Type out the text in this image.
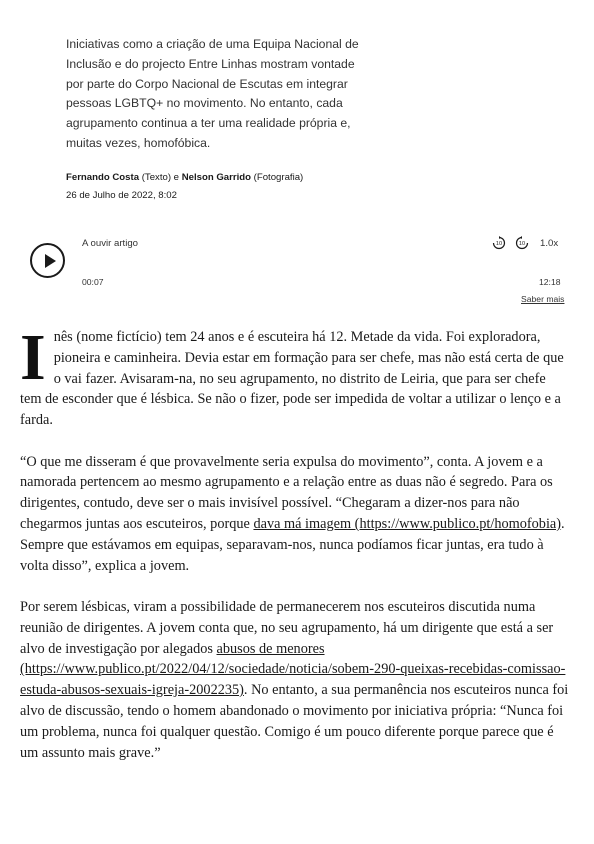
Iniciativas como a criação de uma Equipa Nacional de
Inclusão e do projecto Entre Linhas mostram vontade
por parte do Corpo Nacional de Escutas em integrar
pessoas LGBTQ+ no movimento. No entanto, cada
agrupamento continua a ter uma realidade própria e,
muitas vezes, homofóbica.
Fernando Costa (Texto) e Nelson Garrido (Fotografia)
26 de Julho de 2022, 8:02
A ouvir artigo	10	10 1.0x
00:07	12:18
Saber mais

Inês (nome fictício) tem 24 anos e é escuteira há 12. Metade da vida. Foi exploradora, pioneira e caminheira. Devia estar em formação para ser chefe, mas não está certa de que o vai fazer. Avisaram-na, no seu agrupamento, no distrito de Leiria, que para ser chefe tem de esconder que é lésbica. Se não o fizer, pode ser impedida de voltar a utilizar o lenço e a farda.

“O que me disseram é que provavelmente seria expulsa do movimento”, conta. A jovem e a namorada pertencem ao mesmo agrupamento e a relação entre as duas não é segredo. Para os dirigentes, contudo, deve ser o mais invisível possível. “Chegaram a dizer-nos para não chegarmos juntas aos escuteiros, porque dava má imagem (https://www.publico.pt/homofobia). Sempre que estávamos em equipas, separavam-nos, nunca podíamos ficar juntas, era tudo à volta disso”, explica a jovem.

Por serem lésbicas, viram a possibilidade de permanecerem nos escuteiros discutida numa reunião de dirigentes. A jovem conta que, no seu agrupamento, há um dirigente que está a ser alvo de investigação por alegados abusos de menores (https://www.publico.pt/2022/04/12/sociedade/noticia/sobem-290-queixas-recebidas-comissao-estuda-abusos-sexuais-igreja-2002235). No entanto, a sua permanência nos escuteiros nunca foi alvo de discussão, tendo o homem abandonado o movimento por iniciativa própria: “Nunca foi um problema, nunca foi qualquer questão. Comigo é um pouco diferente porque parece que é um assunto mais grave.”
